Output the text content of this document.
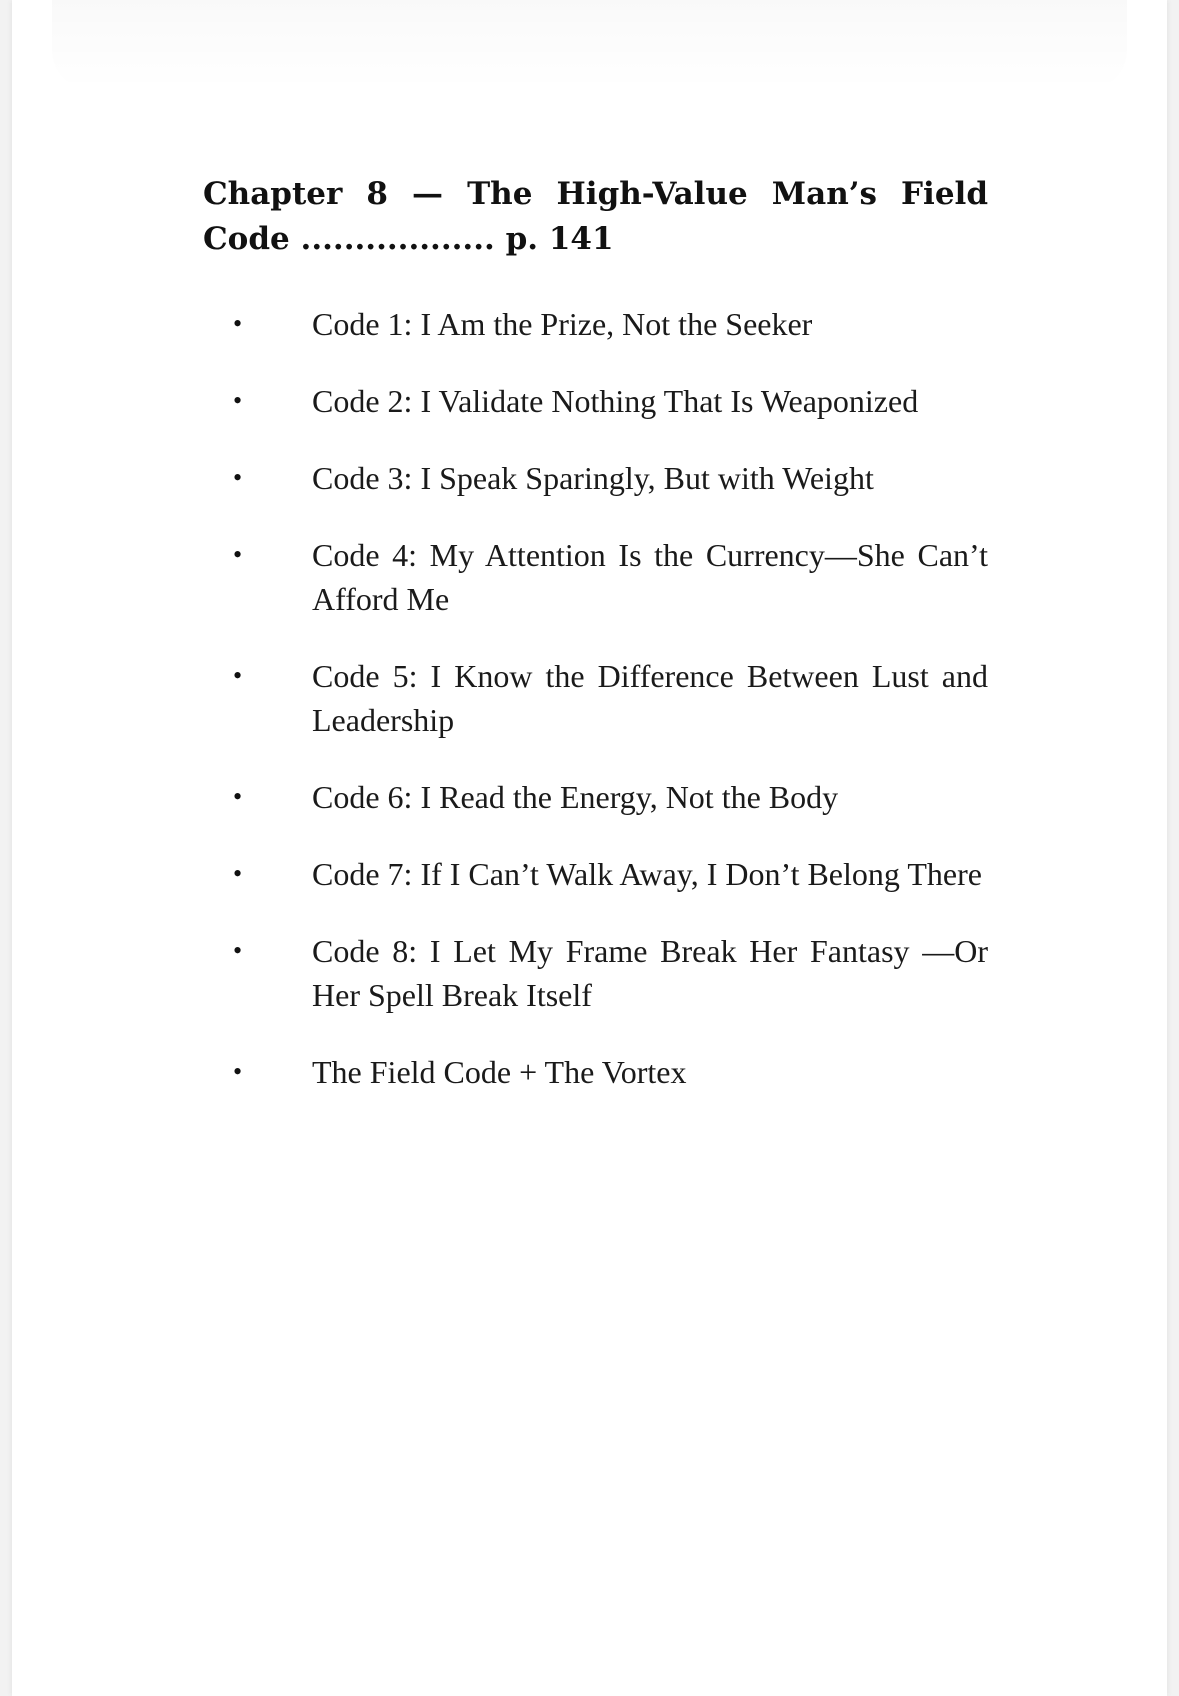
Chapter 8 — The High-Value Man’s Field
Code .................. p. 141
• Code 1: I Am the Prize, Not the Seeker
• Code 2: I Validate Nothing That Is Weaponized
• Code 3: I Speak Sparingly, But with Weight
• Code 4: My Attention Is the Currency—She Can’t Afford Me
• Code 5: I Know the Difference Between Lust and Leadership
• Code 6: I Read the Energy, Not the Body
• Code 7: If I Can’t Walk Away, I Don’t Belong There
• Code 8: I Let My Frame Break Her Fantasy —Or Her Spell Break Itself
• The Field Code + The Vortex
